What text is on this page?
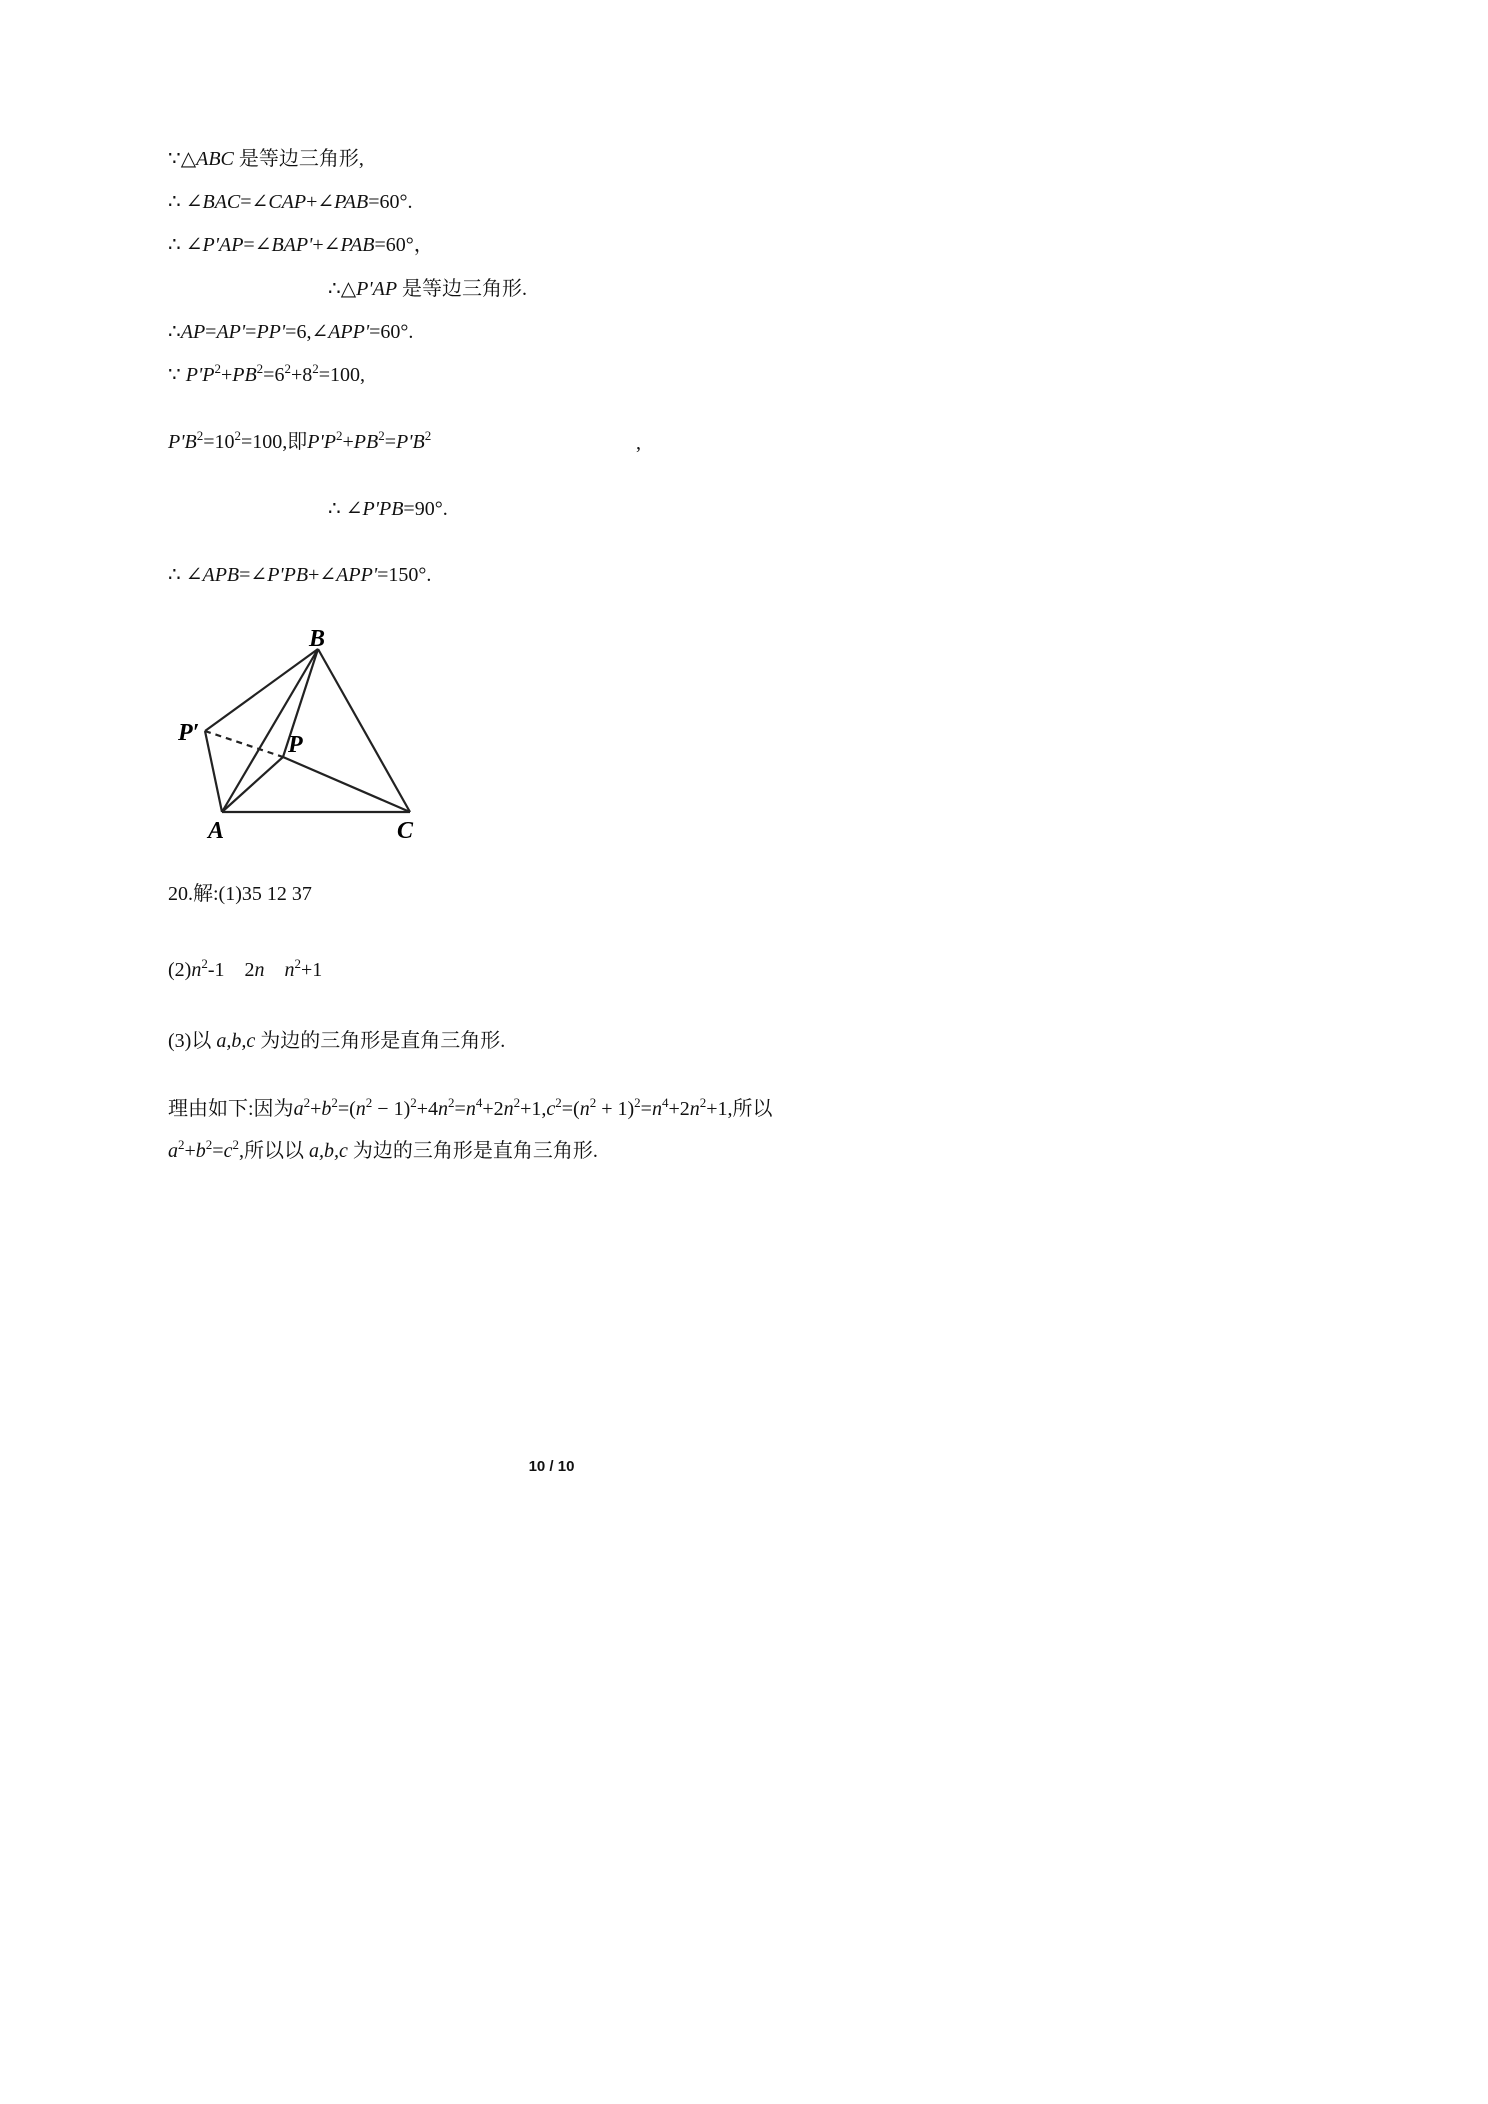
∵△ABC 是等边三角形,
∴ ∠BAC=∠CAP+∠PAB=60°.
∴ ∠P'AP=∠BAP'+∠PAB=60°，
∴△P'AP 是等边三角形.
∴AP=AP'=PP'=6,∠APP'=60°.
∵ $P'P^2+PB^2=6^2+8^2=100$,
$P'B^2=10^2=100$,即$P'P^2+PB^2=P'B^2$	,
∴ ∠P'PB=90°.
∴ ∠APB=∠P'PB+∠APP'=150°.
B
P′	P
A	C
20.解:(1)35 12 37
$(2)n^2-1$    2n $n^2+1$
(3)以 a,b,c 为边的三角形是直角三角形.
理由如下:因为$a^2+b^2=(n^2 - 1)^2+4n^2=n^4+2n^2+1,c^2=(n^2 + 1)^2=n^4+2n^2+1$,所以
$a^2+b^2=c^2$,所以以 a,b,c 为边的三角形是直角三角形.
10 / 10
